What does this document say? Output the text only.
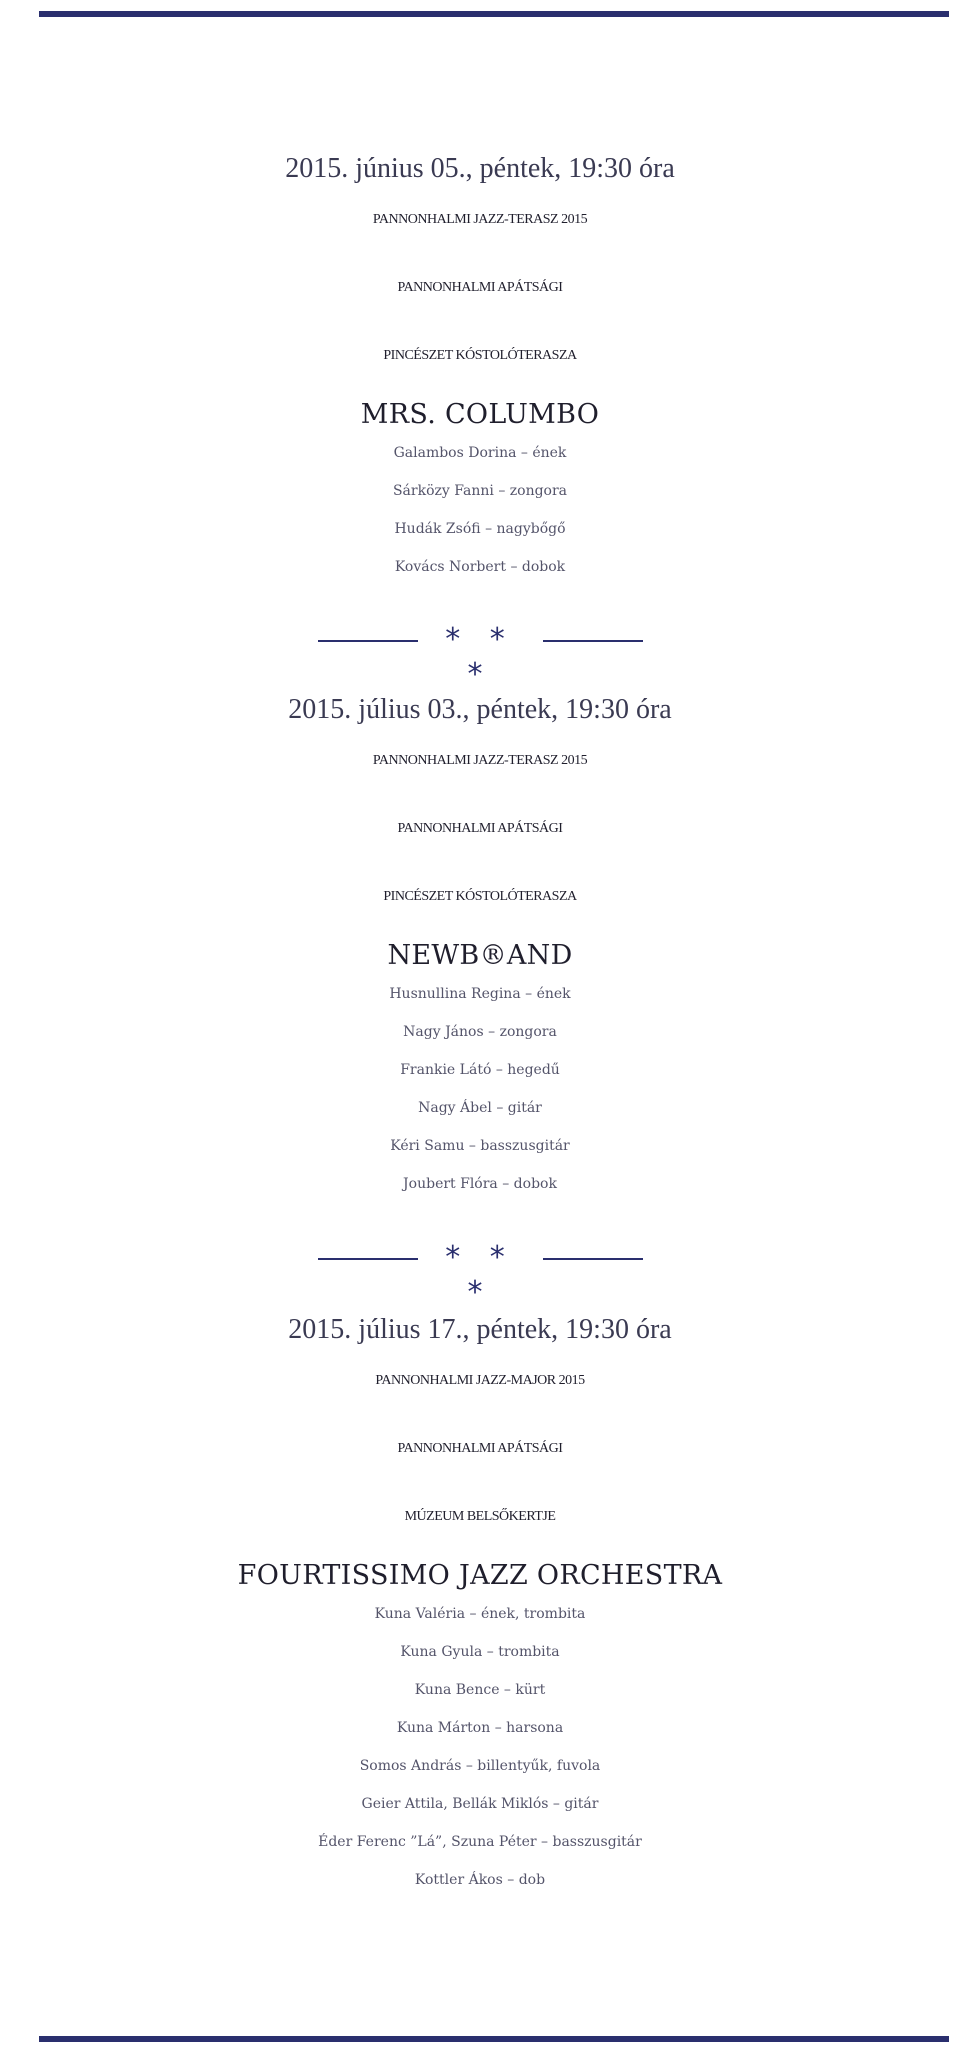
2015. június 05., péntek, 19:30 óra
PANNONHALMI JAZZ-TERASZ 2015
PANNONHALMI APÁTSÁGI
PINCÉSZET KÓSTOLÓTERASZA
MRS. COLUMBO
Galambos Dorina – ének
Sárközy Fanni – zongora
Hudák Zsófi – nagybőgő
Kovács Norbert – dobok
* * *
2015. július 03., péntek, 19:30 óra
PANNONHALMI JAZZ-TERASZ 2015
PANNONHALMI APÁTSÁGI
PINCÉSZET KÓSTOLÓTERASZA
NEWB®AND
Husnullina Regina – ének
Nagy János – zongora
Frankie Látó – hegedű
Nagy Ábel – gitár
Kéri Samu – basszusgitár
Joubert Flóra – dobok
* * *
2015. július 17., péntek, 19:30 óra
PANNONHALMI JAZZ-MAJOR 2015
PANNONHALMI APÁTSÁGI
MÚZEUM BELSŐKERTJE
FOURTISSIMO JAZZ ORCHESTRA
Kuna Valéria – ének, trombita
Kuna Gyula – trombita
Kuna Bence – kürt
Kuna Márton – harsona
Somos András – billentyűk, fuvola
Geier Attila, Bellák Miklós – gitár
Éder Ferenc ”Lá”, Szuna Péter – basszusgitár
Kottler Ákos – dob
